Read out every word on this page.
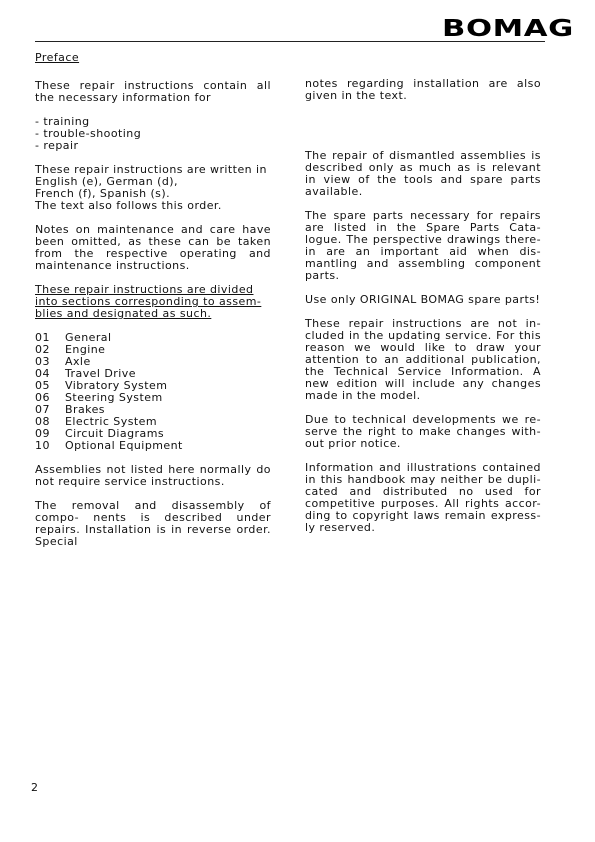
BOMAG

Preface

These repair instructions contain all the necessary information for

- training
- trouble-shooting
- repair

These repair instructions are written in
English (e), German (d),
French (f), Spanish (s).
The text also follows this order.

Notes on maintenance and care have been omitted, as these can be taken from the respective operating and maintenance instructions.

These repair instructions are divided
into sections corresponding to assem-
blies and designated as such.

01	General
02	Engine
03	Axle
04	Travel Drive
05	Vibratory System
06	Steering System
07	Brakes
08	Electric System
09	Circuit Diagrams
10	Optional Equipment

Assemblies not listed here normally do not require service instructions.

The removal and disassembly of compo- nents is described under repairs. Installation is in reverse order. Special

notes regarding installation are also given in the text.

The repair of dismantled assemblies is described only as much as is relevant in view of the tools and spare parts available.

The spare parts necessary for repairs are listed in the Spare Parts Cata- logue. The perspective drawings there- in are an important aid when dis- mantling and assembling component parts.

Use only ORIGINAL BOMAG spare parts!

These repair instructions are not in- cluded in the updating service. For this reason we would like to draw your attention to an additional publication, the Technical Service Information. A new edition will include any changes made in the model.

Due to technical developments we re- serve the right to make changes with- out prior notice.

Information and illustrations contained in this handbook may neither be dupli- cated and distributed no used for competitive purposes. All rights accor- ding to copyright laws remain express- ly reserved.

2
